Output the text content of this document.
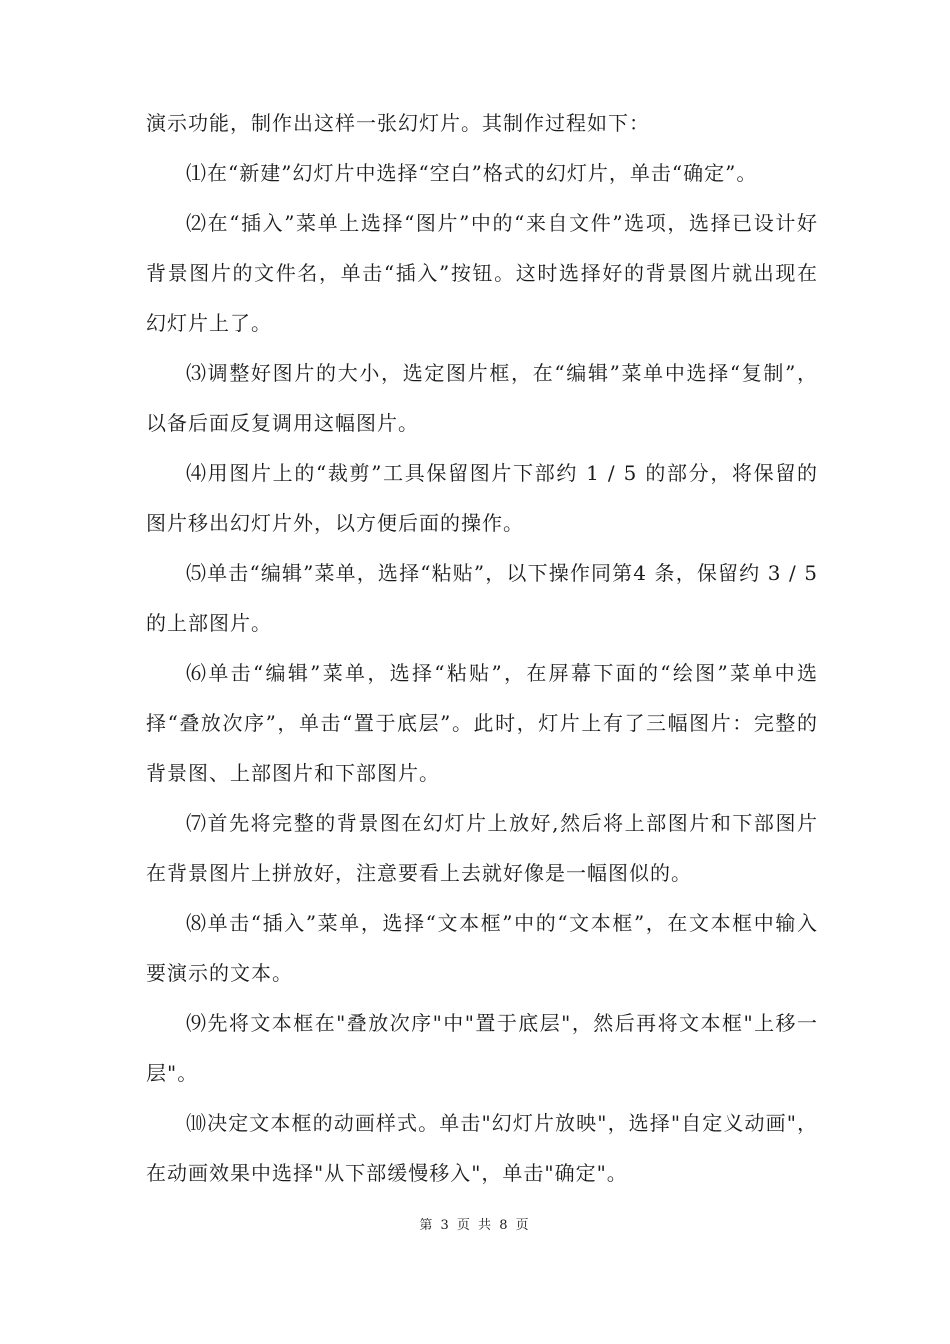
演示功能，制作出这样一张幻灯片。其制作过程如下：

⑴在“新建”幻灯片中选择“空白”格式的幻灯片，单击“确定”。

⑵在“插入”菜单上选择“图片”中的“来自文件”选项，选择已设计好背景图片的文件名，单击“插入”按钮。这时选择好的背景图片就出现在幻灯片上了。

⑶调整好图片的大小，选定图片框，在“编辑”菜单中选择“复制”，以备后面反复调用这幅图片。

⑷用图片上的“裁剪”工具保留图片下部约 1 / 5 的部分，将保留的图片移出幻灯片外，以方便后面的操作。

⑸单击“编辑”菜单，选择“粘贴”，以下操作同第4 条，保留约 3 / 5 的上部图片。

⑹单击“编辑”菜单，选择“粘贴”，在屏幕下面的“绘图”菜单中选择“叠放次序”，单击“置于底层”。此时，灯片上有了三幅图片：完整的背景图、上部图片和下部图片。

⑺首先将完整的背景图在幻灯片上放好,然后将上部图片和下部图片在背景图片上拼放好，注意要看上去就好像是一幅图似的。

⑻单击“插入”菜单，选择“文本框”中的“文本框”，在文本框中输入要演示的文本。

⑼先将文本框在"叠放次序"中"置于底层"，然后再将文本框"上移一层"。

⑽决定文本框的动画样式。单击"幻灯片放映"，选择"自定义动画"，在动画效果中选择"从下部缓慢移入"，单击"确定"。

第 3 页 共 8 页
